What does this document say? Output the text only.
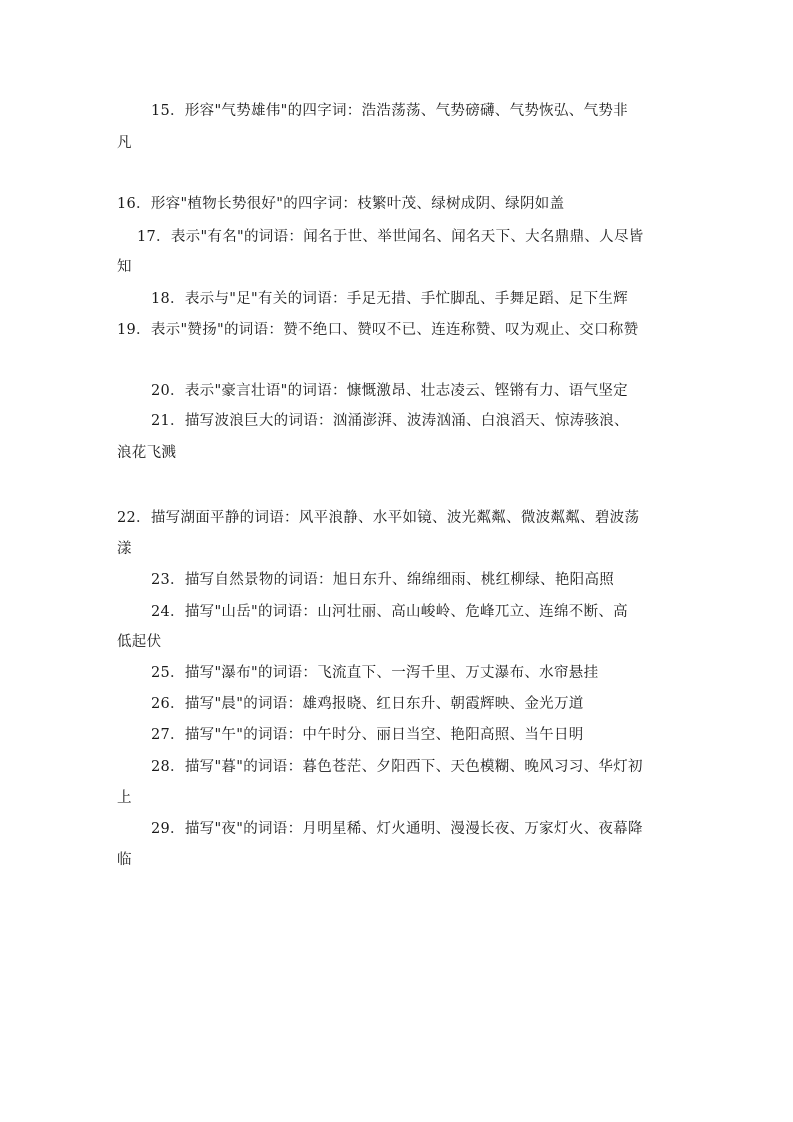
15．形容"气势雄伟"的四字词：浩浩荡荡、气势磅礴、气势恢弘、气势非
凡
16．形容"植物长势很好"的四字词：枝繁叶茂、绿树成阴、绿阴如盖
17．表示"有名"的词语：闻名于世、举世闻名、闻名天下、大名鼎鼎、人尽皆
知
18．表示与"足"有关的词语：手足无措、手忙脚乱、手舞足蹈、足下生辉
19．表示"赞扬"的词语：赞不绝口、赞叹不已、连连称赞、叹为观止、交口称赞
20．表示"豪言壮语"的词语：慷慨激昂、壮志凌云、铿锵有力、语气坚定
21．描写波浪巨大的词语：汹涌澎湃、波涛汹涌、白浪滔天、惊涛骇浪、
浪花飞溅
22．描写湖面平静的词语：风平浪静、水平如镜、波光粼粼、微波粼粼、碧波荡
漾
23．描写自然景物的词语：旭日东升、绵绵细雨、桃红柳绿、艳阳高照
24．描写"山岳"的词语：山河壮丽、高山峻岭、危峰兀立、连绵不断、高
低起伏
25．描写"瀑布"的词语：飞流直下、一泻千里、万丈瀑布、水帘悬挂
26．描写"晨"的词语：雄鸡报晓、红日东升、朝霞辉映、金光万道
27．描写"午"的词语：中午时分、丽日当空、艳阳高照、当午日明
28．描写"暮"的词语：暮色苍茫、夕阳西下、天色模糊、晚风习习、华灯初
上
29．描写"夜"的词语：月明星稀、灯火通明、漫漫长夜、万家灯火、夜幕降
临
